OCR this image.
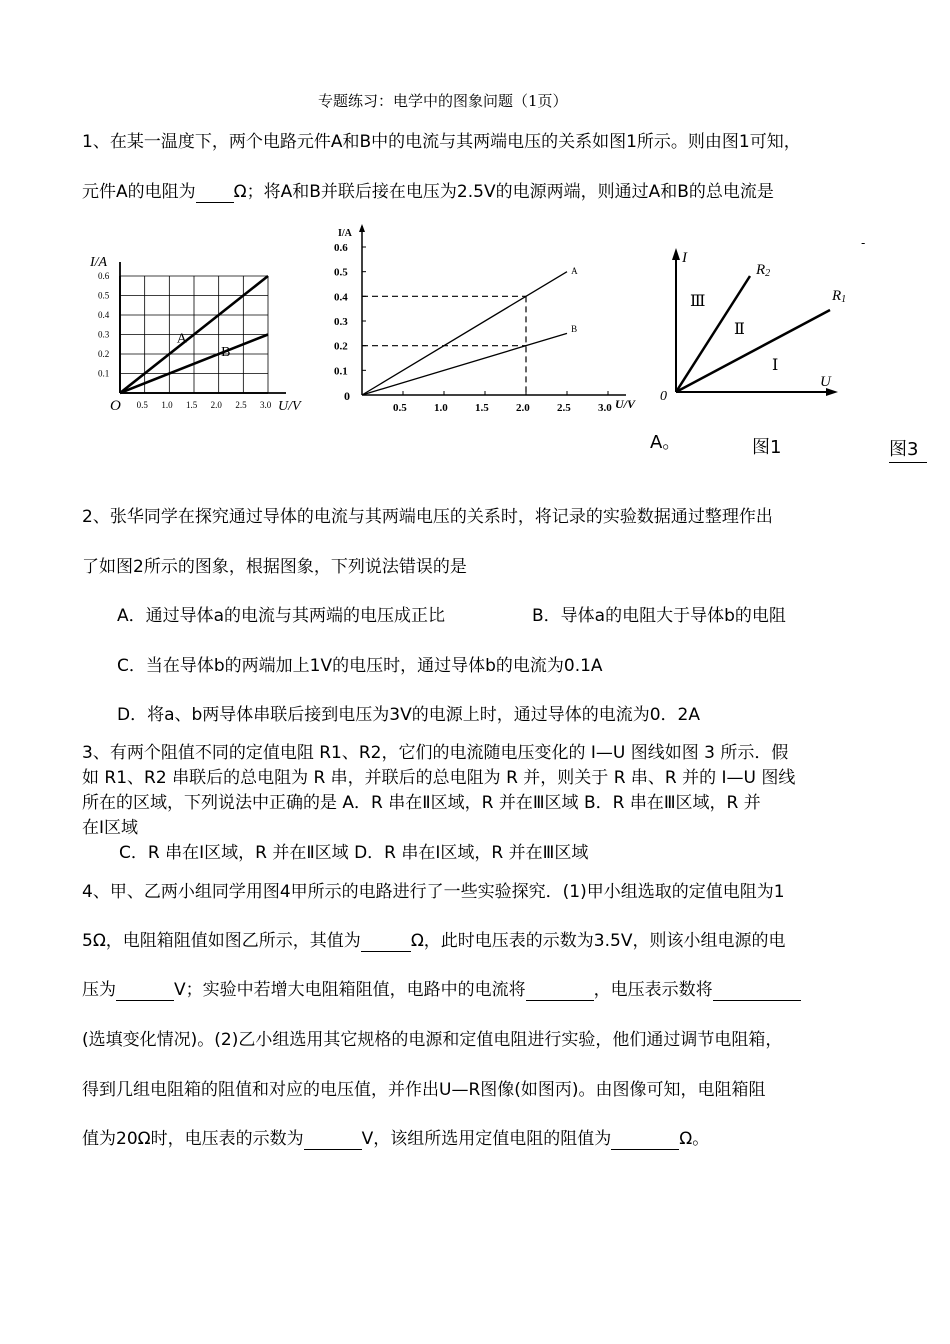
专题练习：电学中的图象问题（1页）
1、在某一温度下，两个电路元件A和B中的电流与其两端电压的关系如图1所示。则由图1可知，
元件A的电阻为 Ω；将A和B并联后接在电压为2.5V的电源两端，则通过A和B的总电流是
0.1
0.2
0.3
0.4
0.5
0.6
0.5 1.0 1.5 2.0 2.5 3.0
I/A
U/V
O
A
B
0.1
0.2
0.3
0.4
0.5
0.6
0.5 1.0 1.5 2.0 2.5 3.0
I/A
U/V
0
A
B
I
U
0
R2
R1
Ⅲ
Ⅱ
Ⅰ
-
A。	图1	图3
2、张华同学在探究通过导体的电流与其两端电压的关系时，将记录的实验数据通过整理作出
了如图2所示的图象，根据图象，下列说法错误的是
A．通过导体a的电流与其两端的电压成正比	B．导体a的电阻大于导体b的电阻
C．当在导体b的两端加上1V的电压时，通过导体b的电流为0.1A
D．将a、b两导体串联后接到电压为3V的电源上时，通过导体的电流为0．2A
3、有两个阻值不同的定值电阻 R1、R2，它们的电流随电压变化的 I—U 图线如图 3 所示．假
如 R1、R2 串联后的总电阻为 R 串，并联后的总电阻为 R 并，则关于 R 串、R 并的 I—U 图线
所在的区域，下列说法中正确的是 A．R 串在Ⅱ区域，R 并在Ⅲ区域 B．R 串在Ⅲ区域，R 并
在Ⅰ区域
C．R 串在Ⅰ区域，R 并在Ⅱ区域 D．R 串在Ⅰ区域，R 并在Ⅲ区域
4、甲、乙两小组同学用图4甲所示的电路进行了一些实验探究．(1)甲小组选取的定值电阻为1
5Ω，电阻箱阻值如图乙所示，其值为	Ω，此时电压表的示数为3.5V，则该小组电源的电
压为	V；实验中若增大电阻箱阻值，电路中的电流将	，电压表示数将
(选填变化情况)。(2)乙小组选用其它规格的电源和定值电阻进行实验，他们通过调节电阻箱，
得到几组电阻箱的阻值和对应的电压值，并作出U—R图像(如图丙)。由图像可知，电阻箱阻
值为20Ω时，电压表的示数为	V，该组所选用定值电阻的阻值为	Ω。
